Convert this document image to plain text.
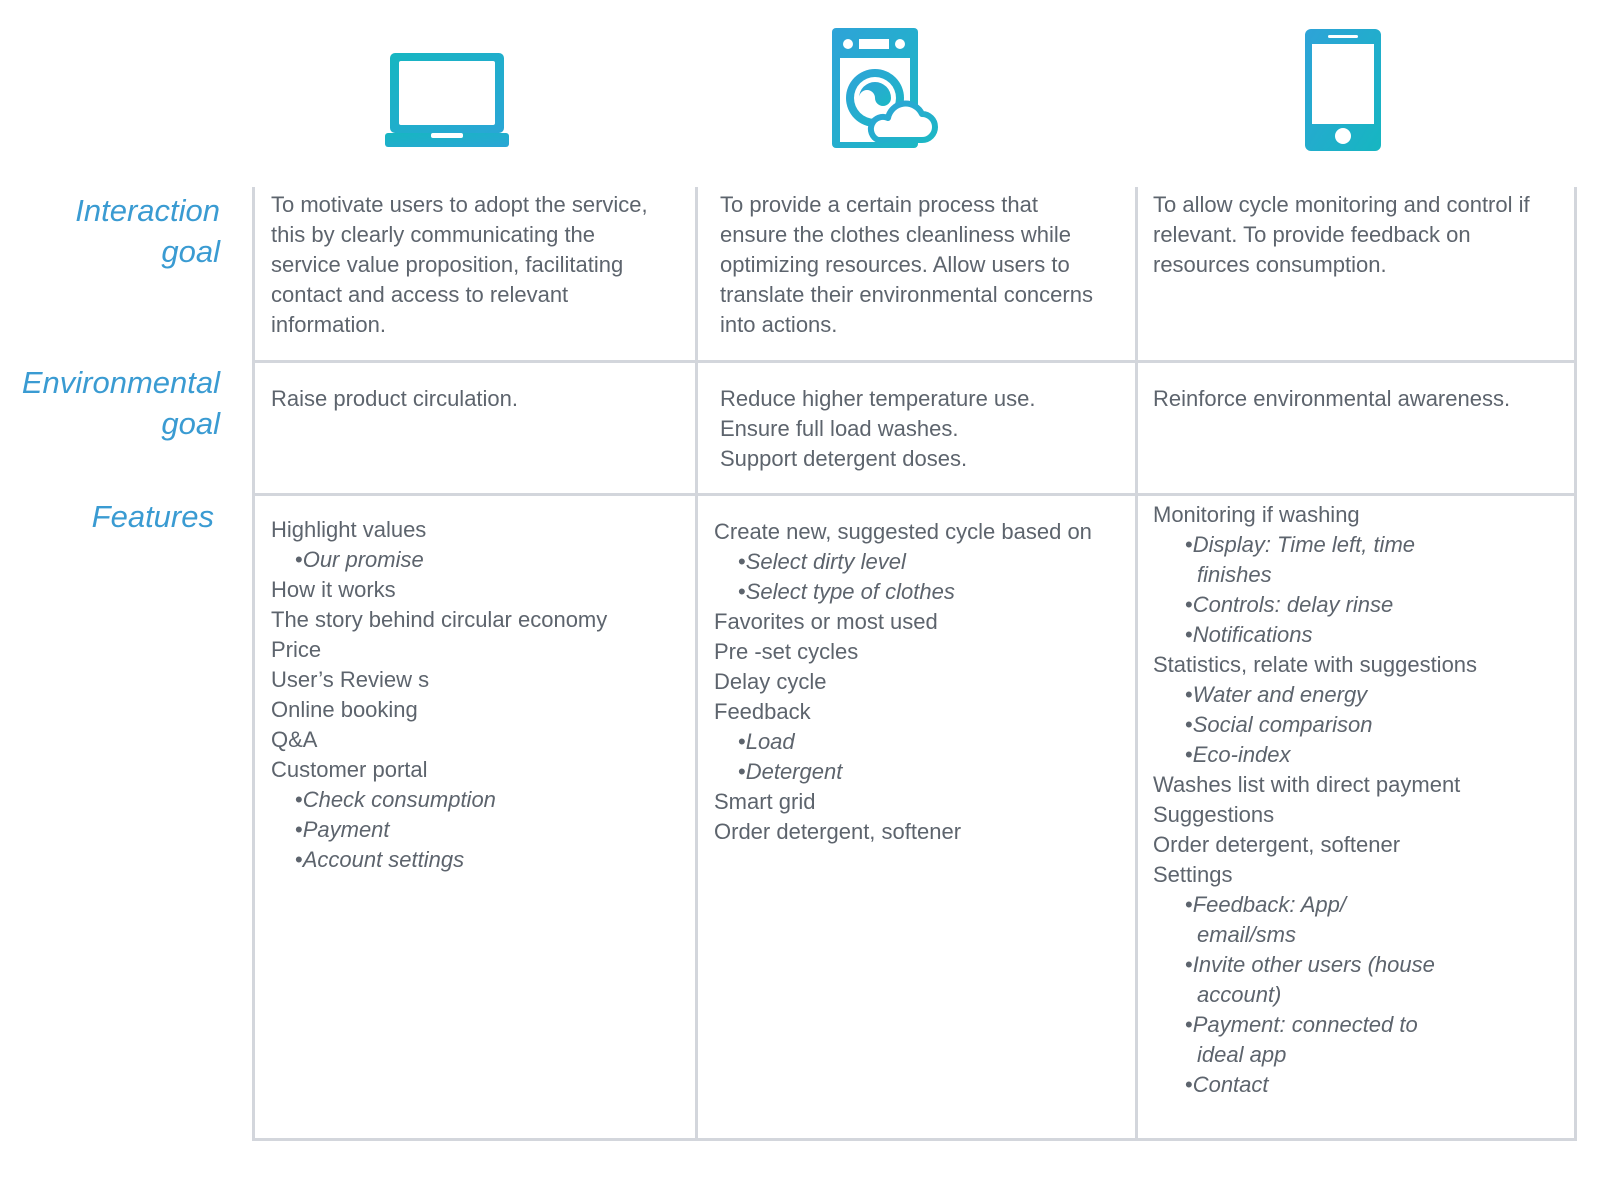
Interaction
goal
Environmental
goal
Features
To motivate users to adopt the service,
this by clearly communicating the
service value proposition, facilitating
contact and access to relevant
information.
To provide a certain process that
ensure the clothes cleanliness while
optimizing resources. Allow users to
translate their environmental concerns
into actions.
To allow cycle monitoring and control if
relevant. To provide feedback on
resources consumption.
Raise product circulation.	Reduce higher temperature use.
Ensure full load washes.
Support detergent doses.
Reinforce environmental awareness.
Highlight values
•Our promise
How it works
The story behind circular economy
Price
User’s Review s
Online booking
Q&A
Customer portal
•Check consumption
•Payment
•Account settings
Create new, suggested cycle based on
•Select dirty level
•Select type of clothes
Favorites or most used
Pre -set cycles
Delay cycle
Feedback
•Load
•Detergent
Smart grid
Order detergent, softener
Monitoring if washing
•Display: Time left, time
finishes
•Controls: delay rinse
•Notifications
Statistics, relate with suggestions
•Water and energy
•Social comparison
•Eco-index
Washes list with direct payment
Suggestions
Order detergent, softener
Settings
•Feedback: App/
email/sms
•Invite other users (house
account)
•Payment: connected to
ideal app
•Contact
